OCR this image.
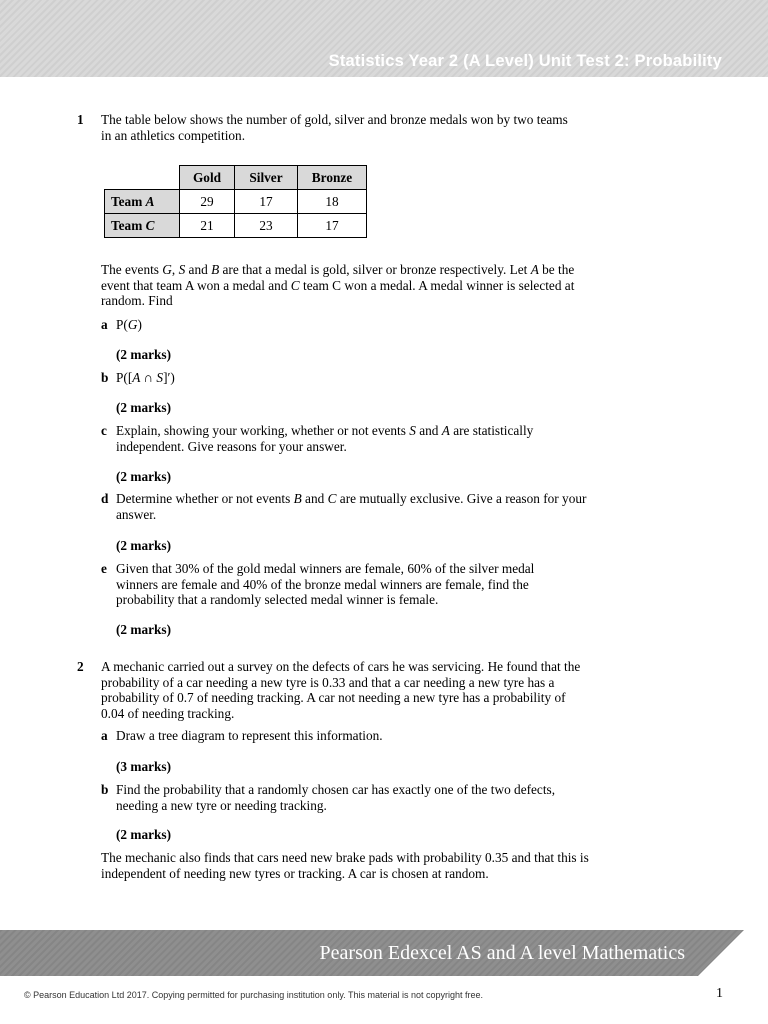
Statistics Year 2 (A Level) Unit Test 2: Probability
1 The table below shows the number of gold, silver and bronze medals won by two teams in an athletics competition.
	Gold	Silver	Bronze
Team A	29	17	18
Team C	21	23	17
The events G, S and B are that a medal is gold, silver or bronze respectively. Let A be the event that team A won a medal and C team C won a medal. A medal winner is selected at random. Find
a P(G)
(2 marks)
b P([A ∩ S]′)
(2 marks)
c Explain, showing your working, whether or not events S and A are statistically independent. Give reasons for your answer.
(2 marks)
d Determine whether or not events B and C are mutually exclusive. Give a reason for your answer.
(2 marks)
e Given that 30% of the gold medal winners are female, 60% of the silver medal winners are female and 40% of the bronze medal winners are female, find the probability that a randomly selected medal winner is female.
(2 marks)
2 A mechanic carried out a survey on the defects of cars he was servicing. He found that the probability of a car needing a new tyre is 0.33 and that a car needing a new tyre has a probability of 0.7 of needing tracking. A car not needing a new tyre has a probability of 0.04 of needing tracking.
a Draw a tree diagram to represent this information.
(3 marks)
b Find the probability that a randomly chosen car has exactly one of the two defects, needing a new tyre or needing tracking.
(2 marks)
The mechanic also finds that cars need new brake pads with probability 0.35 and that this is independent of needing new tyres or tracking. A car is chosen at random.
Pearson Edexcel AS and A level Mathematics
© Pearson Education Ltd 2017. Copying permitted for purchasing institution only. This material is not copyright free.	1
